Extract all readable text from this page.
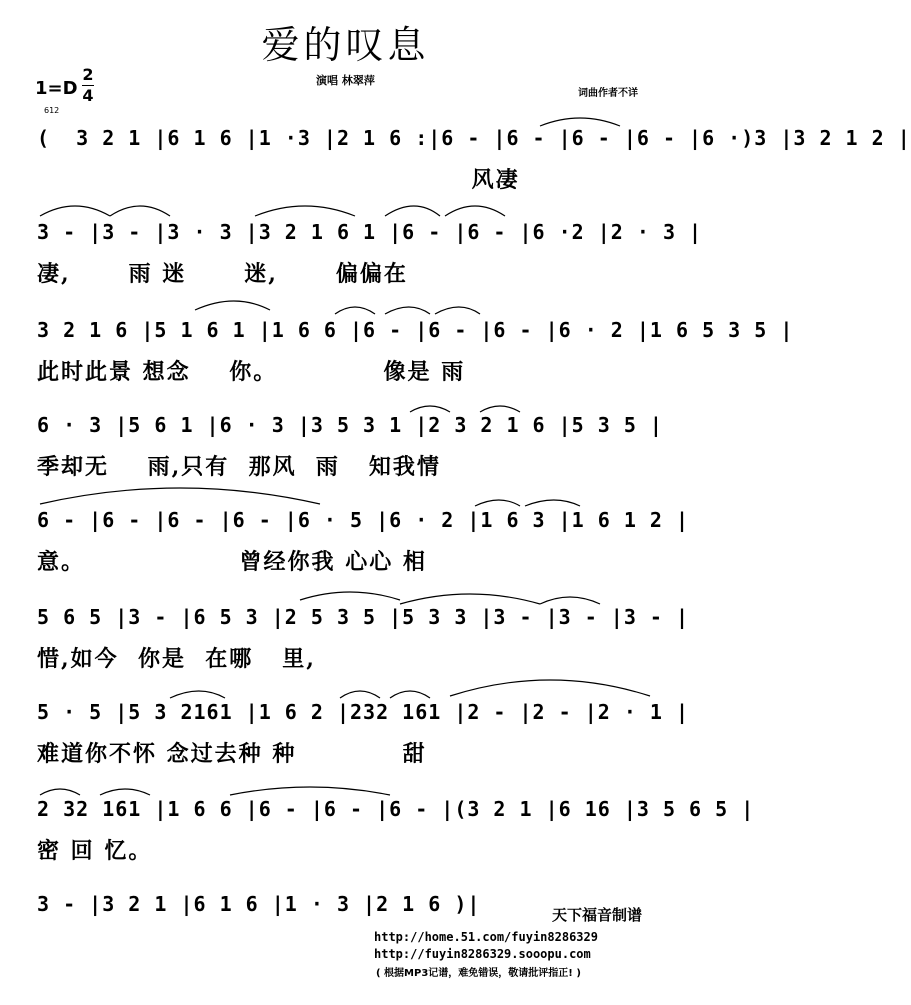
爱的叹息
1=D
2
4
演唱 林翠萍
词曲作者不详
612
(  3 2 1 |6 1 6 |1 ·3 |2 1 6 :|6 - |6 - |6 - |6 - |6 ·)3 |3 2 1 2 |
风凄
3 - |3 - |3 · 3 |3 2 1 6 1 |6 - |6 - |6 ·2 |2 · 3 |
凄,      雨 迷      迷,      偏偏在
3 2 1 6 |5 1 6 1 |1 6 6 |6 - |6 - |6 - |6 · 2 |1 6 5 3 5 |
此时此景 想念    你。           像是 雨
6 · 3 |5 6 1 |6 · 3 |3 5 3 1 |2 3 2 1 6 |5 3 5 |
季却无    雨,只有  那风  雨   知我情
6 - |6 - |6 - |6 - |6 · 5 |6 · 2 |1 6 3 |1 6 1 2 |
意。                曾经你我 心心 相
5 6 5 |3 - |6 5 3 |2 5 3 5 |5 3 3 |3 - |3 - |3 - |
惜,如今  你是  在哪   里,
5 · 5 |5 3 2161 |1 6 2 |232 161 |2 - |2 - |2 · 1 |
难道你不怀 念过去种 种           甜
2 32 161 |1 6 6 |6 - |6 - |6 - |(3 2 1 |6 16 |3 5 6 5 |
密 回 忆。
3 - |3 2 1 |6 1 6 |1 · 3 |2 1 6 )|	天下福音制谱
http://home.51.com/fuyin8286329
http://fuyin8286329.sooopu.com
( 根据MP3记谱，难免错误，敬请批评指正! )
